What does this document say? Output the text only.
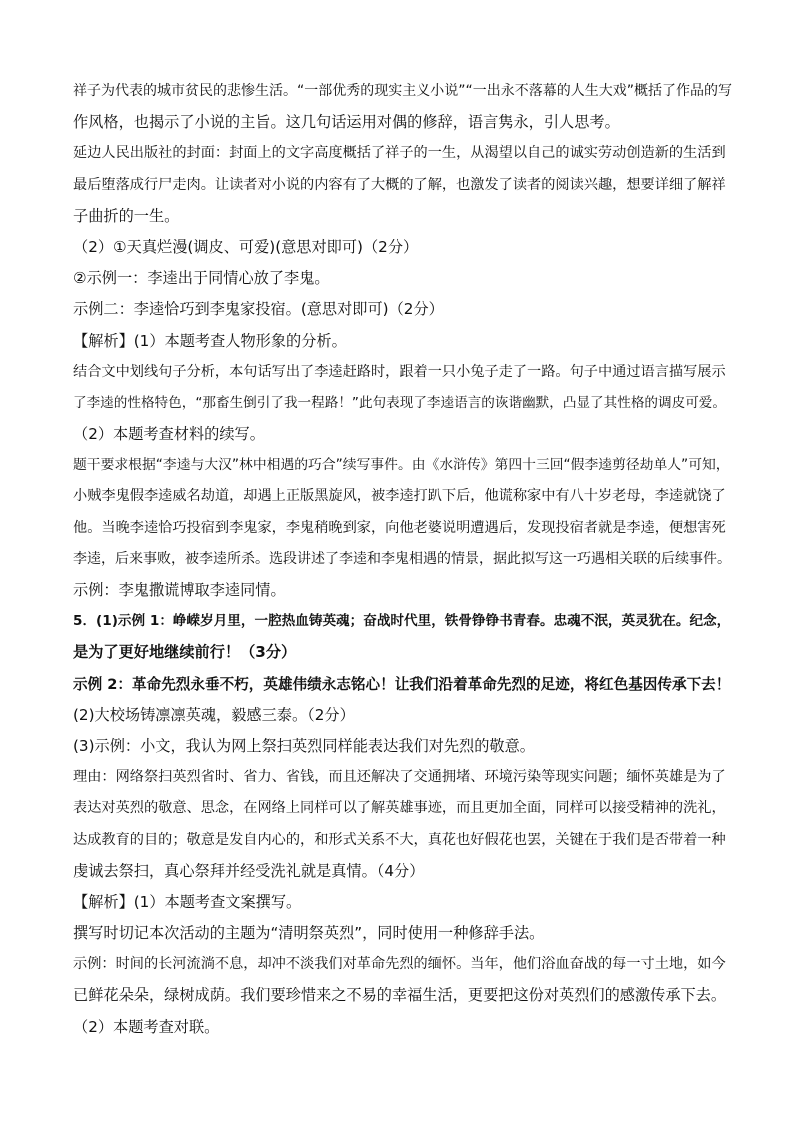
祥子为代表的城市贫民的悲惨生活。“一部优秀的现实主义小说”“一出永不落幕的人生大戏”概括了作品的写
作风格，也揭示了小说的主旨。这几句话运用对偶的修辞，语言隽永，引人思考。
延边人民出版社的封面：封面上的文字高度概括了祥子的一生，从渴望以自己的诚实劳动创造新的生活到
最后堕落成行尸走肉。让读者对小说的内容有了大概的了解，也激发了读者的阅读兴趣，想要详细了解祥
子曲折的一生。
（2）①天真烂漫(调皮、可爱)(意思对即可)（2分）
②示例一：李逵出于同情心放了李鬼。
示例二：李逵恰巧到李鬼家投宿。(意思对即可)（2分）
【解析】(1）本题考查人物形象的分析。
结合文中划线句子分析，本句话写出了李逵赶路时，跟着一只小兔子走了一路。句子中通过语言描写展示
了李逵的性格特色，“那畜生倒引了我一程路！”此句表现了李逵语言的诙谐幽默，凸显了其性格的调皮可爱。
（2）本题考查材料的续写。
题干要求根据“李逵与大汉”林中相遇的巧合”续写事件。由《水浒传》第四十三回“假李逵剪径劫单人”可知，
小贼李鬼假李逵威名劫道，却遇上正版黑旋风，被李逵打趴下后，他谎称家中有八十岁老母，李逵就饶了
他。当晚李逵恰巧投宿到李鬼家，李鬼稍晚到家，向他老婆说明遭遇后，发现投宿者就是李逵，便想害死
李逵，后来事败，被李逵所杀。选段讲述了李逵和李鬼相遇的情景，据此拟写这一巧遇相关联的后续事件。
示例：李鬼撒谎博取李逵同情。
5．(1)示例 1：峥嵘岁月里，一腔热血铸英魂；奋战时代里，铁骨铮铮书青春。忠魂不泯，英灵犹在。纪念，
是为了更好地继续前行！（3分）
示例 2：革命先烈永垂不朽，英雄伟绩永志铭心！让我们沿着革命先烈的足迹，将红色基因传承下去！
(2)大校场铸凛凛英魂，毅感三泰。（2分）
(3)示例：小文，我认为网上祭扫英烈同样能表达我们对先烈的敬意。
理由：网络祭扫英烈省时、省力、省钱，而且还解决了交通拥堵、环境污染等现实问题；缅怀英雄是为了
表达对英烈的敬意、思念，在网络上同样可以了解英雄事迹，而且更加全面，同样可以接受精神的洗礼，
达成教育的目的；敬意是发自内心的，和形式关系不大，真花也好假花也罢，关键在于我们是否带着一种
虔诚去祭扫，真心祭拜并经受洗礼就是真情。（4分）
【解析】(1）本题考查文案撰写。
撰写时切记本次活动的主题为“清明祭英烈”，同时使用一种修辞手法。
示例：时间的长河流淌不息，却冲不淡我们对革命先烈的缅怀。当年，他们浴血奋战的每一寸土地，如今
已鲜花朵朵，绿树成荫。我们要珍惜来之不易的幸福生活，更要把这份对英烈们的感激传承下去。
（2）本题考查对联。
